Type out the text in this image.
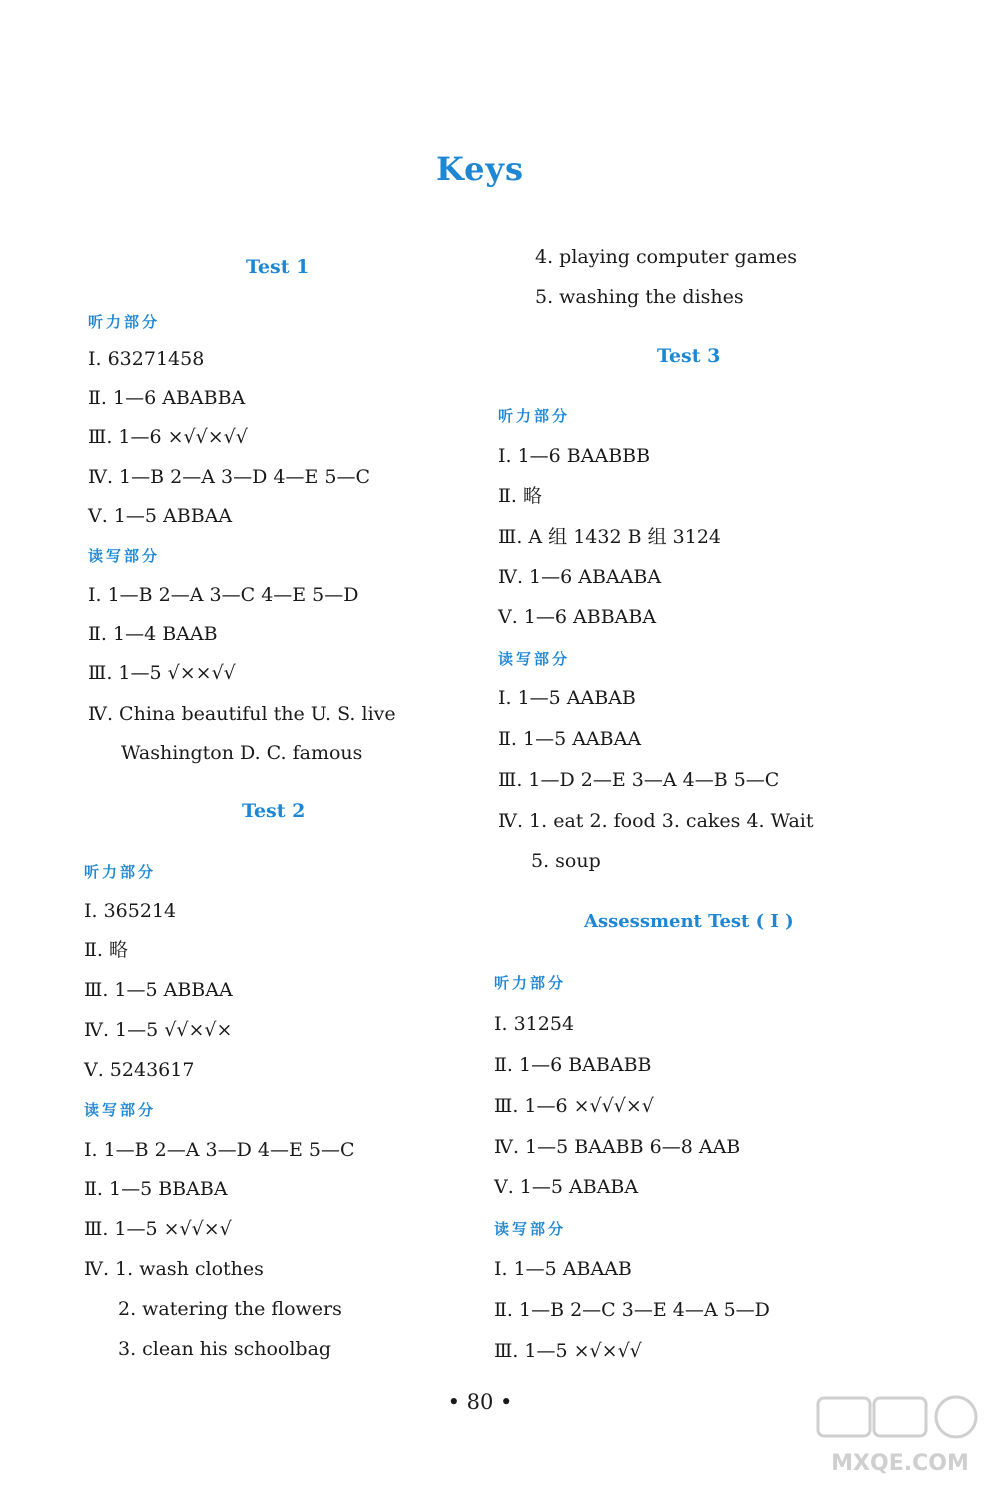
Keys
Test 1
听力部分
Ⅰ. 63271458
Ⅱ. 1—6 ABABBA
Ⅲ. 1—6 ×√√×√√
Ⅳ. 1—B 2—A 3—D 4—E 5—C
Ⅴ. 1—5 ABBAA
读写部分
Ⅰ. 1—B 2—A 3—C 4—E 5—D
Ⅱ. 1—4 BAAB
Ⅲ. 1—5 √××√√
Ⅳ. China beautiful the U. S. live
Washington D. C. famous
Test 2
听力部分
Ⅰ. 365214
Ⅱ. 略
Ⅲ. 1—5 ABBAA
Ⅳ. 1—5 √√×√×
Ⅴ. 5243617
读写部分
Ⅰ. 1—B 2—A 3—D 4—E 5—C
Ⅱ. 1—5 BBABA
Ⅲ. 1—5 ×√√×√
Ⅳ. 1. wash clothes
2. watering the flowers
3. clean his schoolbag
4. playing computer games
5. washing the dishes
Test 3
听力部分
Ⅰ. 1—6 BAABBB
Ⅱ. 略
Ⅲ. A 组 1432 B 组 3124
Ⅳ. 1—6 ABAABA
Ⅴ. 1—6 ABBABA
读写部分
Ⅰ. 1—5 AABAB
Ⅱ. 1—5 AABAA
Ⅲ. 1—D 2—E 3—A 4—B 5—C
Ⅳ. 1. eat 2. food 3. cakes 4. Wait
5. soup
Assessment Test ( Ⅰ )
听力部分
Ⅰ. 31254
Ⅱ. 1—6 BABABB
Ⅲ. 1—6 ×√√√×√
Ⅳ. 1—5 BAABB 6—8 AAB
Ⅴ. 1—5 ABABA
读写部分
Ⅰ. 1—5 ABAAB
Ⅱ. 1—B 2—C 3—E 4—A 5—D
Ⅲ. 1—5 ×√×√√
• 80 •
MXQE.COM
